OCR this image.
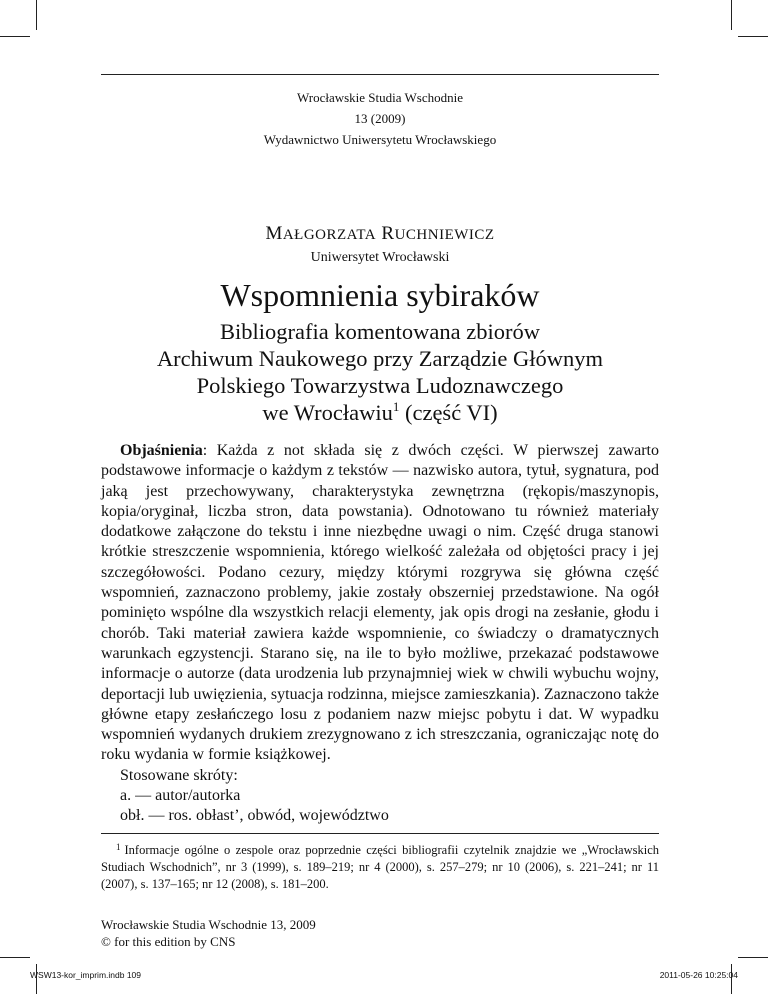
Wrocławskie Studia Wschodnie
13 (2009)
Wydawnictwo Uniwersytetu Wrocławskiego
MAŁGORZATA RUCHNIEWICZ
Uniwersytet Wrocławski
Wspomnienia sybiraków
Bibliografia komentowana zbiorów
Archiwum Naukowego przy Zarządzie Głównym
Polskiego Towarzystwa Ludoznawczego
we Wrocławiu$^1$ (część VI)

Objaśnienia: Każda z not składa się z dwóch części. W pierwszej zawarto podstawowe informacje o każdym z tekstów — nazwisko autora, tytuł, sygnatura, pod jaką jest przechowywany, charakterystyka zewnętrzna (rękopis/maszynopis, kopia/oryginał, liczba stron, data powstania). Odnotowano tu również materiały dodatkowe załączone do tekstu i inne niezbędne uwagi o nim. Część druga stanowi krótkie streszczenie wspomnienia, którego wielkość zależała od objętości pracy i jej szczegółowości. Podano cezury, między którymi rozgrywa się główna część wspomnień, zaznaczono problemy, jakie zostały obszerniej przedstawione. Na ogół pominięto wspólne dla wszystkich relacji elementy, jak opis drogi na zesłanie, głodu i chorób. Taki materiał zawiera każde wspomnienie, co świadczy o dramatycznych warunkach egzystencji. Starano się, na ile to było możliwe, przekazać podstawowe informacje o autorze (data urodzenia lub przynajmniej wiek w chwili wybuchu wojny, deportacji lub uwięzienia, sytuacja rodzinna, miejsce zamieszkania). Zaznaczono także główne etapy zesłańczego losu z podaniem nazw miejsc pobytu i dat. W wypadku wspomnień wydanych drukiem zrezygnowano z ich streszczania, ograniczając notę do roku wydania w formie książkowej.

Stosowane skróty:

a. — autor/autorka

obł. — ros. obłast’, obwód, województwo

$^1$ Informacje ogólne o zespole oraz poprzednie części bibliografii czytelnik znajdzie we „Wrocławskich Studiach Wschodnich”, nr 3 (1999), s. 189–219; nr 4 (2000), s. 257–279; nr 10 (2006), s. 221–241; nr 11 (2007), s. 137–165; nr 12 (2008), s. 181–200.
Wrocławskie Studia Wschodnie 13, 2009
© for this edition by CNS
WSW13-kor_imprim.indb 109	2011-05-26 10:25:04
